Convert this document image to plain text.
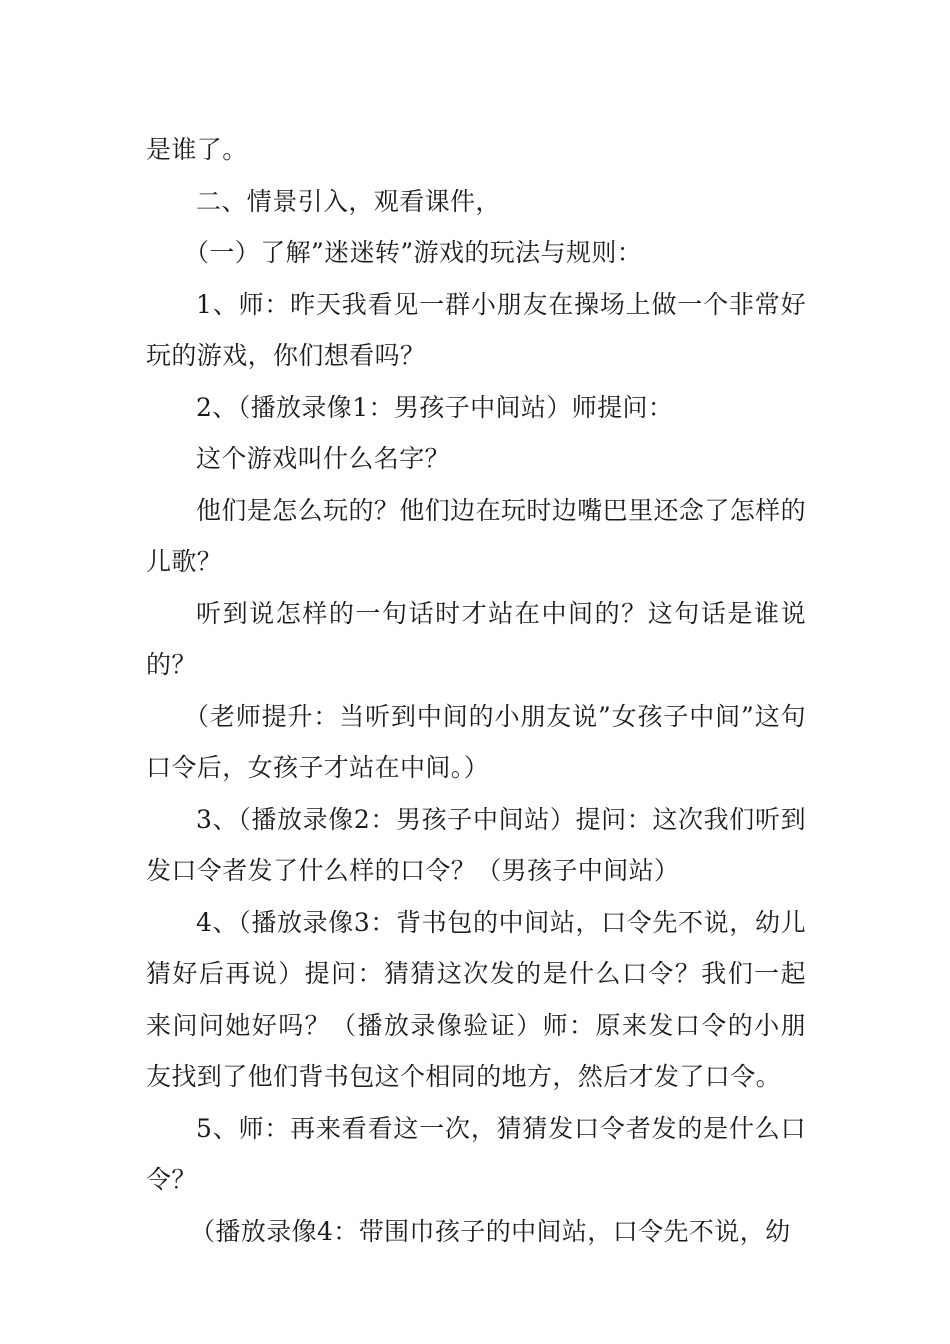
是谁了。

二、情景引入，观看课件，

（一）了解”迷迷转”游戏的玩法与规则：

1、师：昨天我看见一群小朋友在操场上做一个非常好玩的游戏，你们想看吗？

2、（播放录像1：男孩子中间站）师提问：

这个游戏叫什么名字？

他们是怎么玩的？他们边在玩时边嘴巴里还念了怎样的儿歌？

听到说怎样的一句话时才站在中间的？这句话是谁说的？

（老师提升：当听到中间的小朋友说”女孩子中间”这句口令后，女孩子才站在中间。）

3、（播放录像2：男孩子中间站）提问：这次我们听到发口令者发了什么样的口令？（男孩子中间站）

4、（播放录像3：背书包的中间站，口令先不说，幼儿猜好后再说）提问：猜猜这次发的是什么口令？我们一起来问问她好吗？（播放录像验证）师：原来发口令的小朋友找到了他们背书包这个相同的地方，然后才发了口令。

5、师：再来看看这一次，猜猜发口令者发的是什么口令？

（播放录像4：带围巾孩子的中间站，口令先不说，幼
